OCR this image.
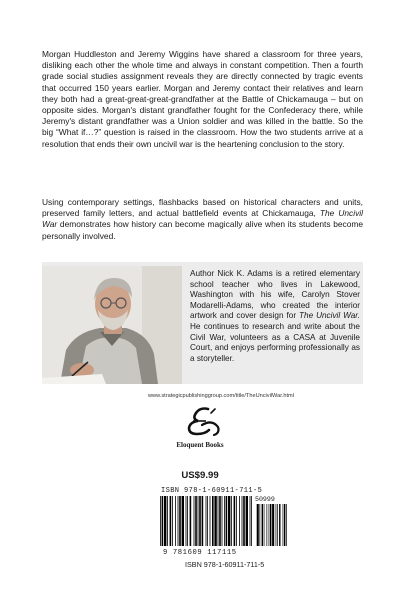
Morgan Huddleston and Jeremy Wiggins have shared a classroom for three years, disliking each other the whole time and always in constant competition. Then a fourth grade social studies assignment reveals they are directly connected by tragic events that occurred 150 years earlier. Morgan and Jeremy contact their relatives and learn they both had a great-great-great-grandfather at the Battle of Chickamauga – but on opposite sides. Morgan's distant grandfather fought for the Confederacy there, while Jeremy's distant grandfather was a Union soldier and was killed in the battle. So the big “What if…?” question is raised in the classroom. How the two students arrive at a resolution that ends their own uncivil war is the heartening conclusion to the story.

Using contemporary settings, flashbacks based on historical characters and units, preserved family letters, and actual battlefield events at Chickamauga, The Uncivil War demonstrates how history can become magically alive when its students become personally involved.

Author Nick K. Adams is a retired elementary school teacher who lives in Lakewood, Washington with his wife, Carolyn Stover Modarelli-Adams, who created the interior artwork and cover design for The Uncivil War. He continues to research and write about the Civil War, volunteers as a CASA at Juvenile Court, and enjoys performing professionally as a storyteller.

www.strategicpublishinggroup.com/title/TheUncivilWar.html
Eloquent Books
US$9.99
ISBN 978-1-60911-711-5
50999
9 781609 117115
ISBN 978-1-60911-711-5
